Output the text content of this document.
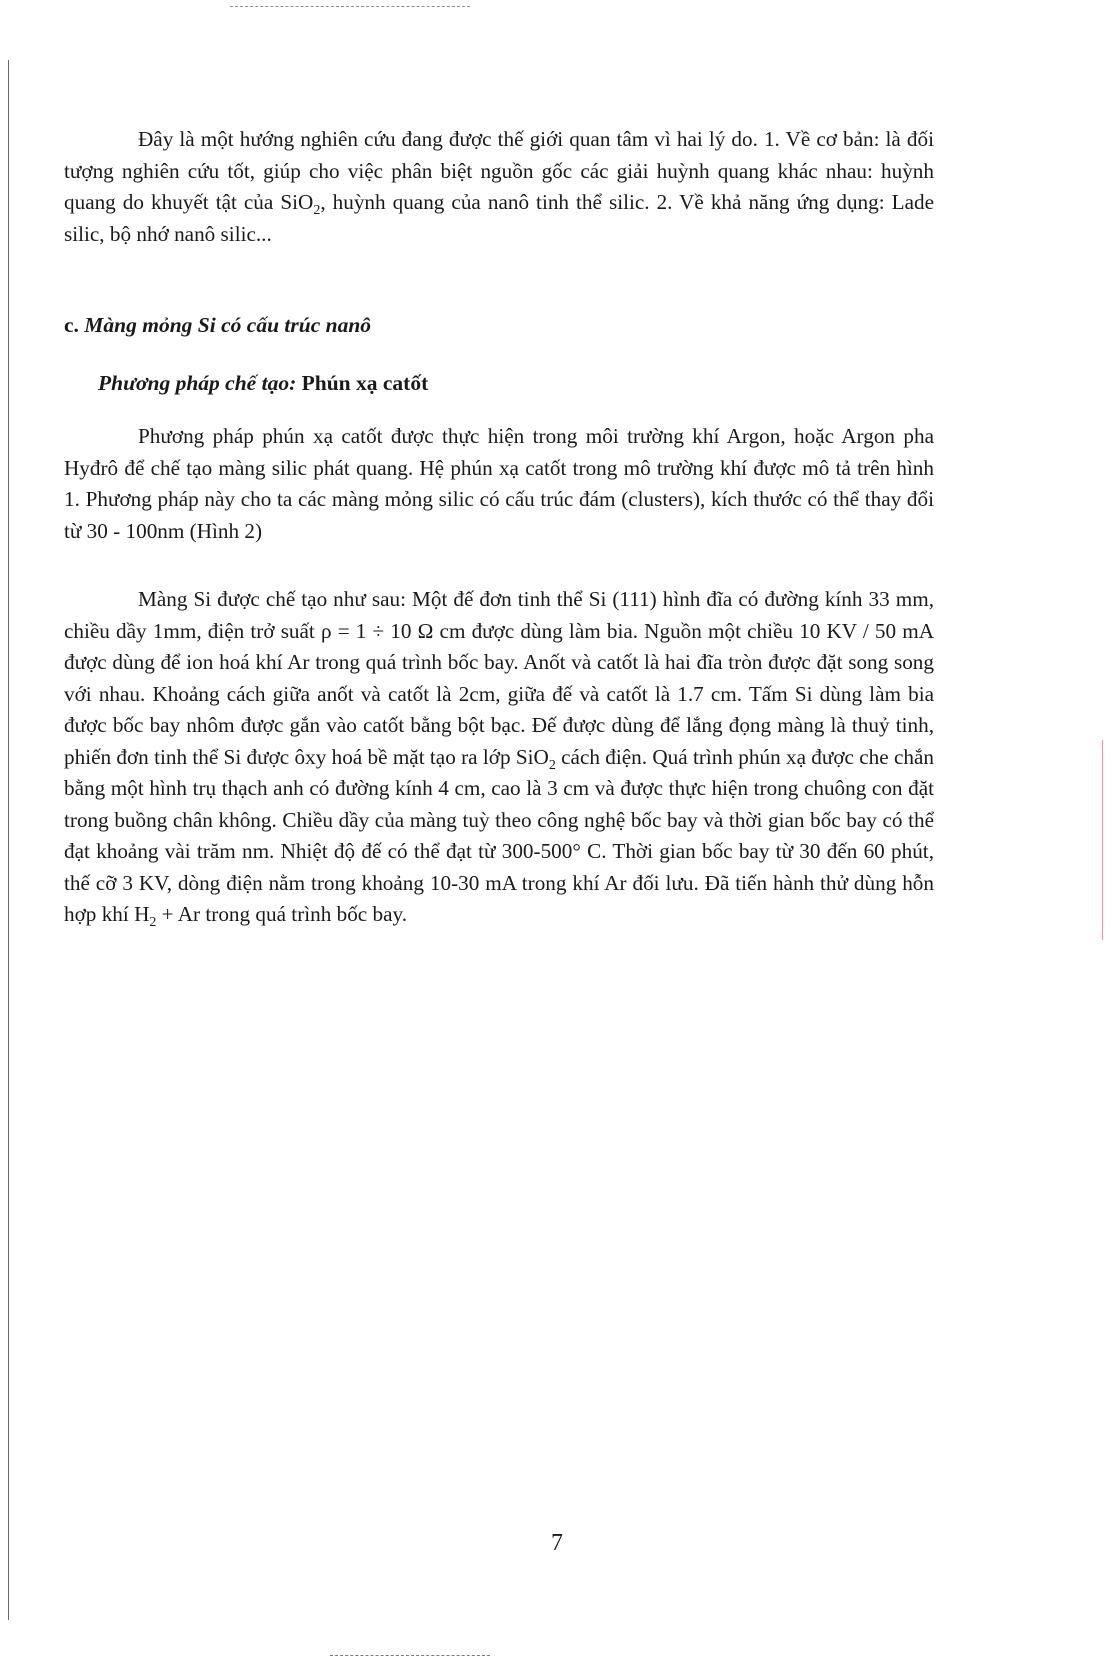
Đây là một hướng nghiên cứu đang được thế giới quan tâm vì hai lý do. 1. Về cơ bản: là đối tượng nghiên cứu tốt, giúp cho việc phân biệt nguồn gốc các giải huỳnh quang khác nhau: huỳnh quang do khuyết tật của SiO$_2$, huỳnh quang của nanô tinh thể silic. 2. Về khả năng ứng dụng: Lade silic, bộ nhớ nanô silic...

c. Màng mỏng Si có cấu trúc nanô
Phương pháp chế tạo: Phún xạ catốt

Phương pháp phún xạ catốt được thực hiện trong môi trường khí Argon, hoặc Argon pha Hyđrô để chế tạo màng silic phát quang. Hệ phún xạ catốt trong mô trường khí được mô tả trên hình 1. Phương pháp này cho ta các màng mỏng silic có cấu trúc đám (clusters), kích thước có thể thay đổi từ 30 - 100nm (Hình 2)

Màng Si được chế tạo như sau: Một đế đơn tinh thể Si (111) hình đĩa có đường kính 33 mm, chiều dầy 1mm, điện trở suất ρ = 1 ÷ 10 Ω cm được dùng làm bia. Nguồn một chiều 10 KV / 50 mA được dùng để ion hoá khí Ar trong quá trình bốc bay. Anốt và catốt là hai đĩa tròn được đặt song song với nhau. Khoảng cách giữa anốt và catốt là 2cm, giữa đế và catốt là 1.7 cm. Tấm Si dùng làm bia được bốc bay nhôm được gắn vào catốt bằng bột bạc. Đế được dùng để lắng đọng màng là thuỷ tinh, phiến đơn tinh thể Si được ôxy hoá bề mặt tạo ra lớp SiO$_2$ cách điện. Quá trình phún xạ được che chắn bằng một hình trụ thạch anh có đường kính 4 cm, cao là 3 cm và được thực hiện trong chuông con đặt trong buồng chân không. Chiều dầy của màng tuỳ theo công nghệ bốc bay và thời gian bốc bay có thể đạt khoảng vài trăm nm. Nhiệt độ đế có thể đạt từ 300-500° C. Thời gian bốc bay từ 30 đến 60 phút, thế cỡ 3 KV, dòng điện nằm trong khoảng 10-30 mA trong khí Ar đối lưu. Đã tiến hành thử dùng hỗn hợp khí $H_2 + Ar$ trong quá trình bốc bay.

7
